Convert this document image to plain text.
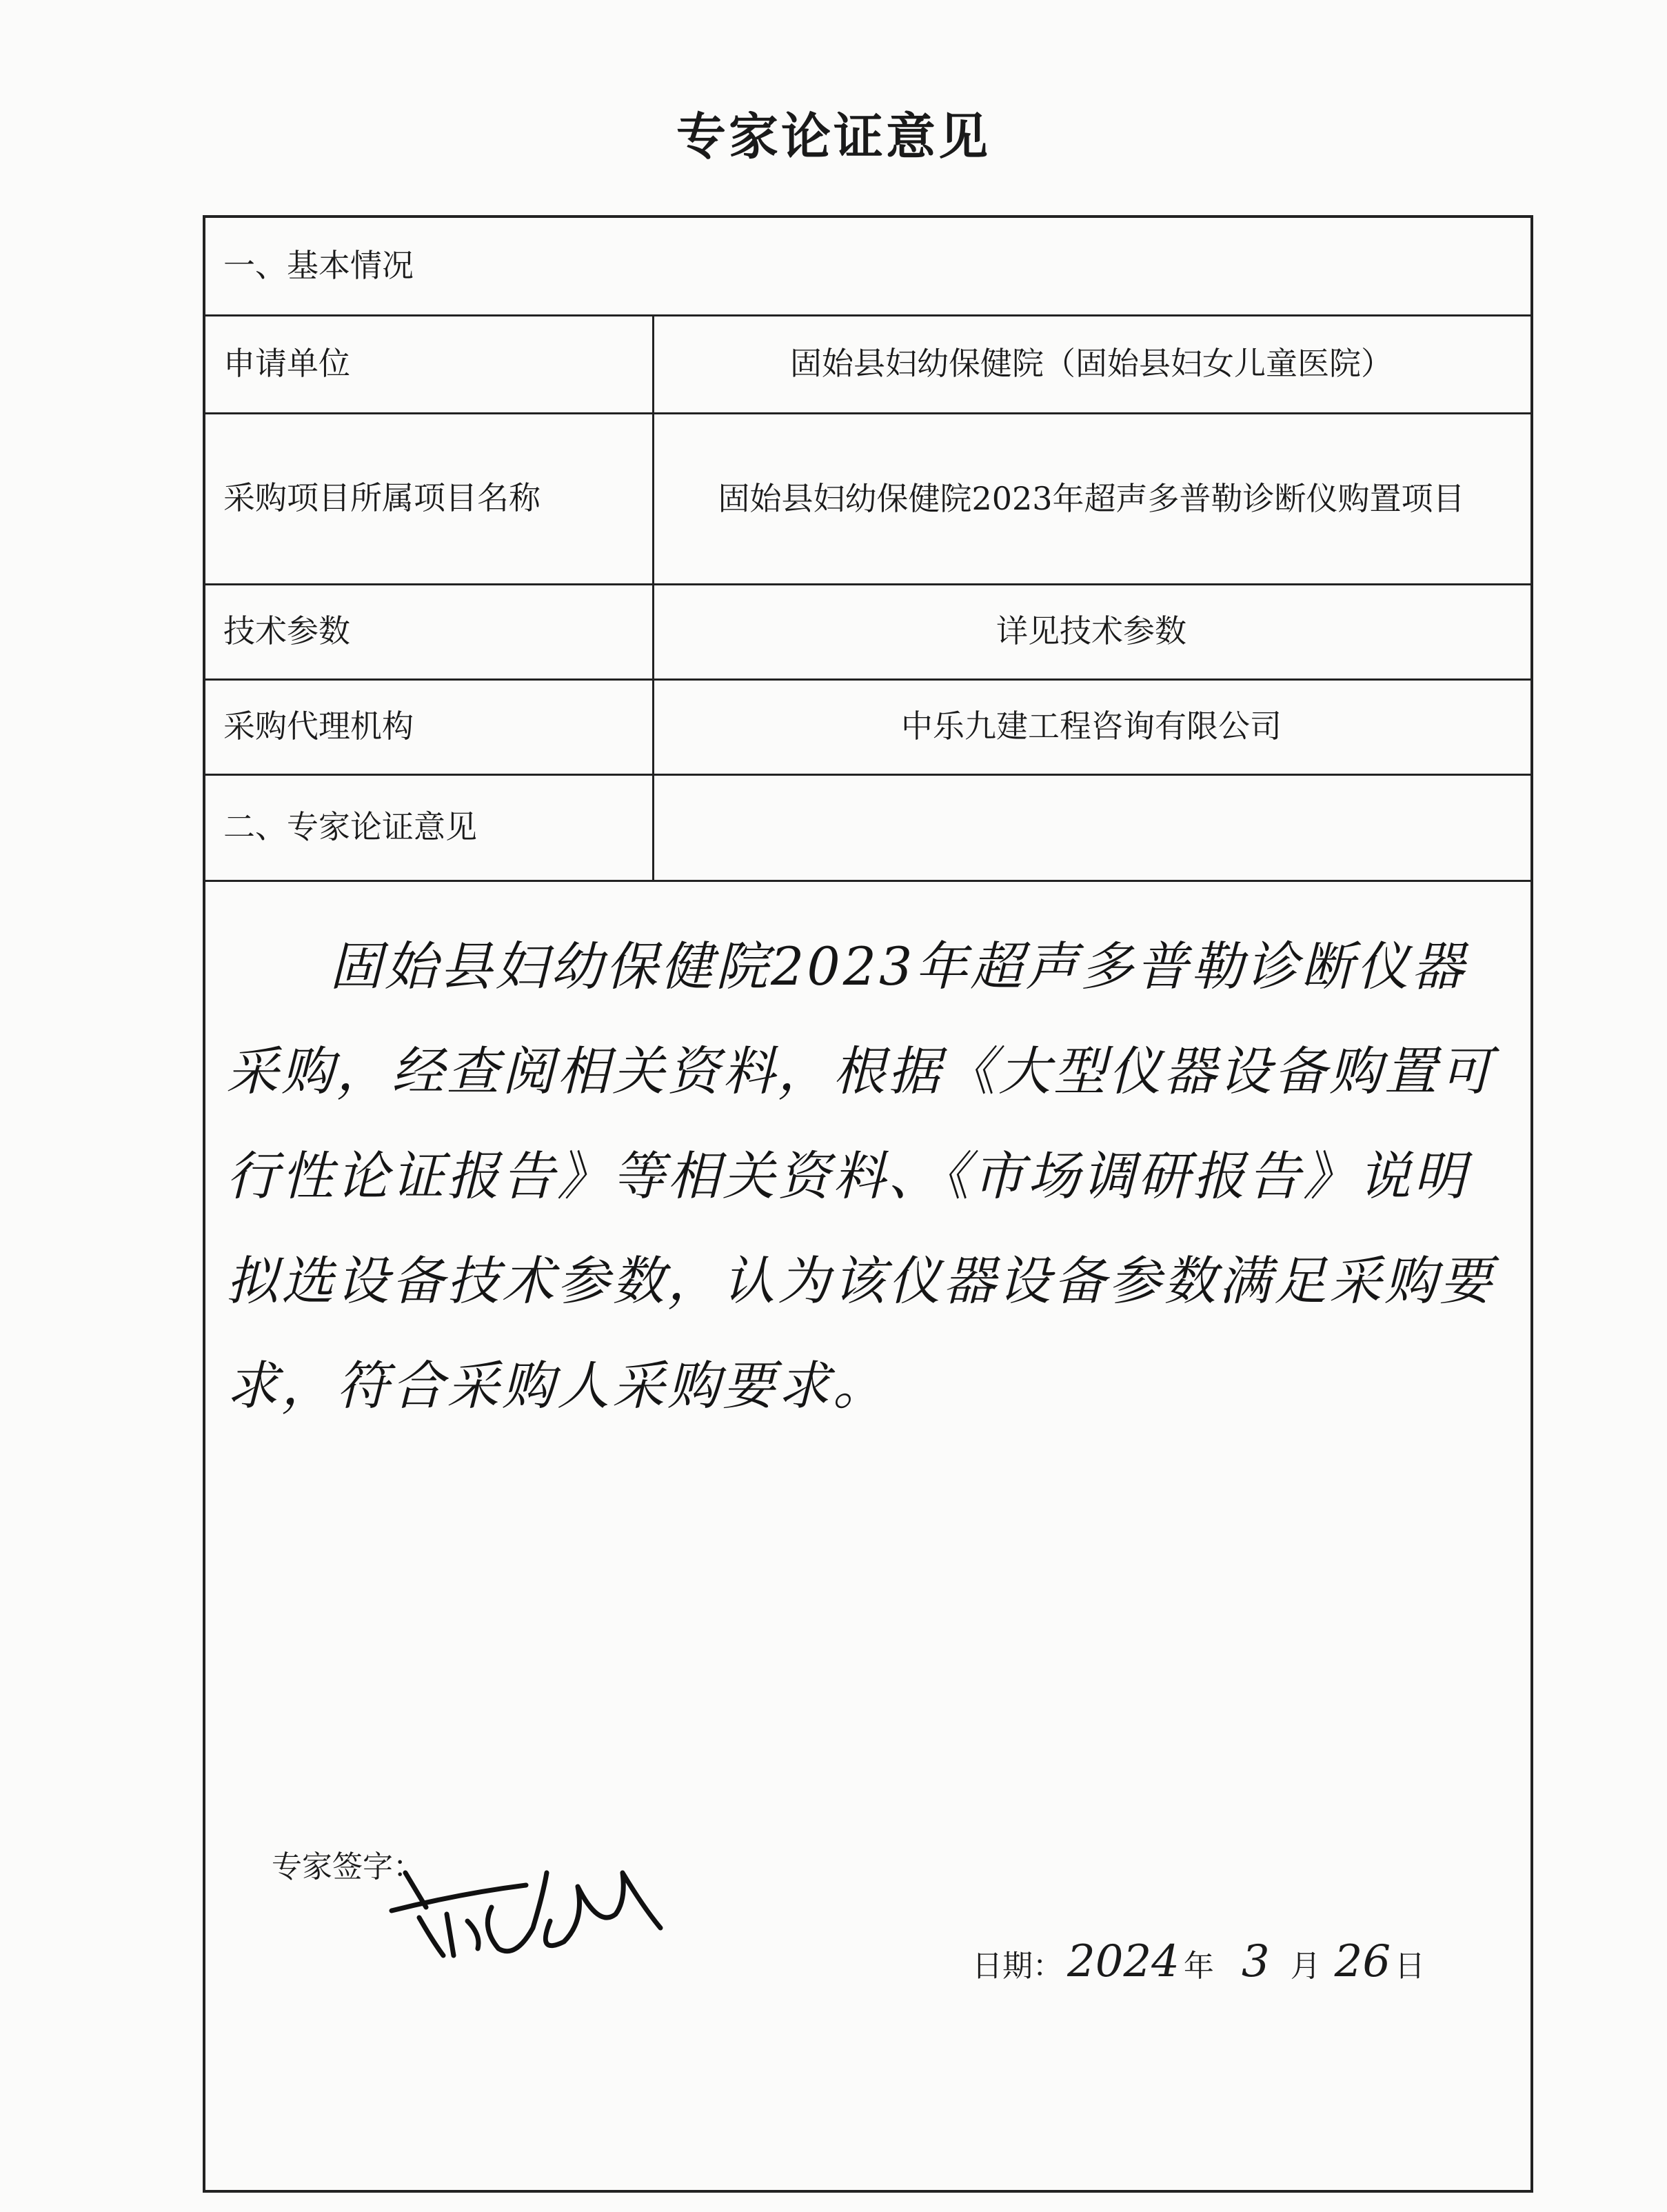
专家论证意见
一、基本情况
申请单位	固始县妇幼保健院（固始县妇女儿童医院）
采购项目所属项目名称	固始县妇幼保健院2023年超声多普勒诊断仪购置项目
技术参数	详见技术参数
采购代理机构	中乐九建工程咨询有限公司
二、专家论证意见
固始县妇幼保健院2023年超声多普勒诊断仪器采购，经查阅相关资料，根据《大型仪器设备购置可行性论证报告》等相关资料、《市场调研报告》说明拟选设备技术参数，认为该仪器设备参数满足采购要求，符合采购人采购要求。
专家签字：
日期： 2024 年 3 月 26 日
